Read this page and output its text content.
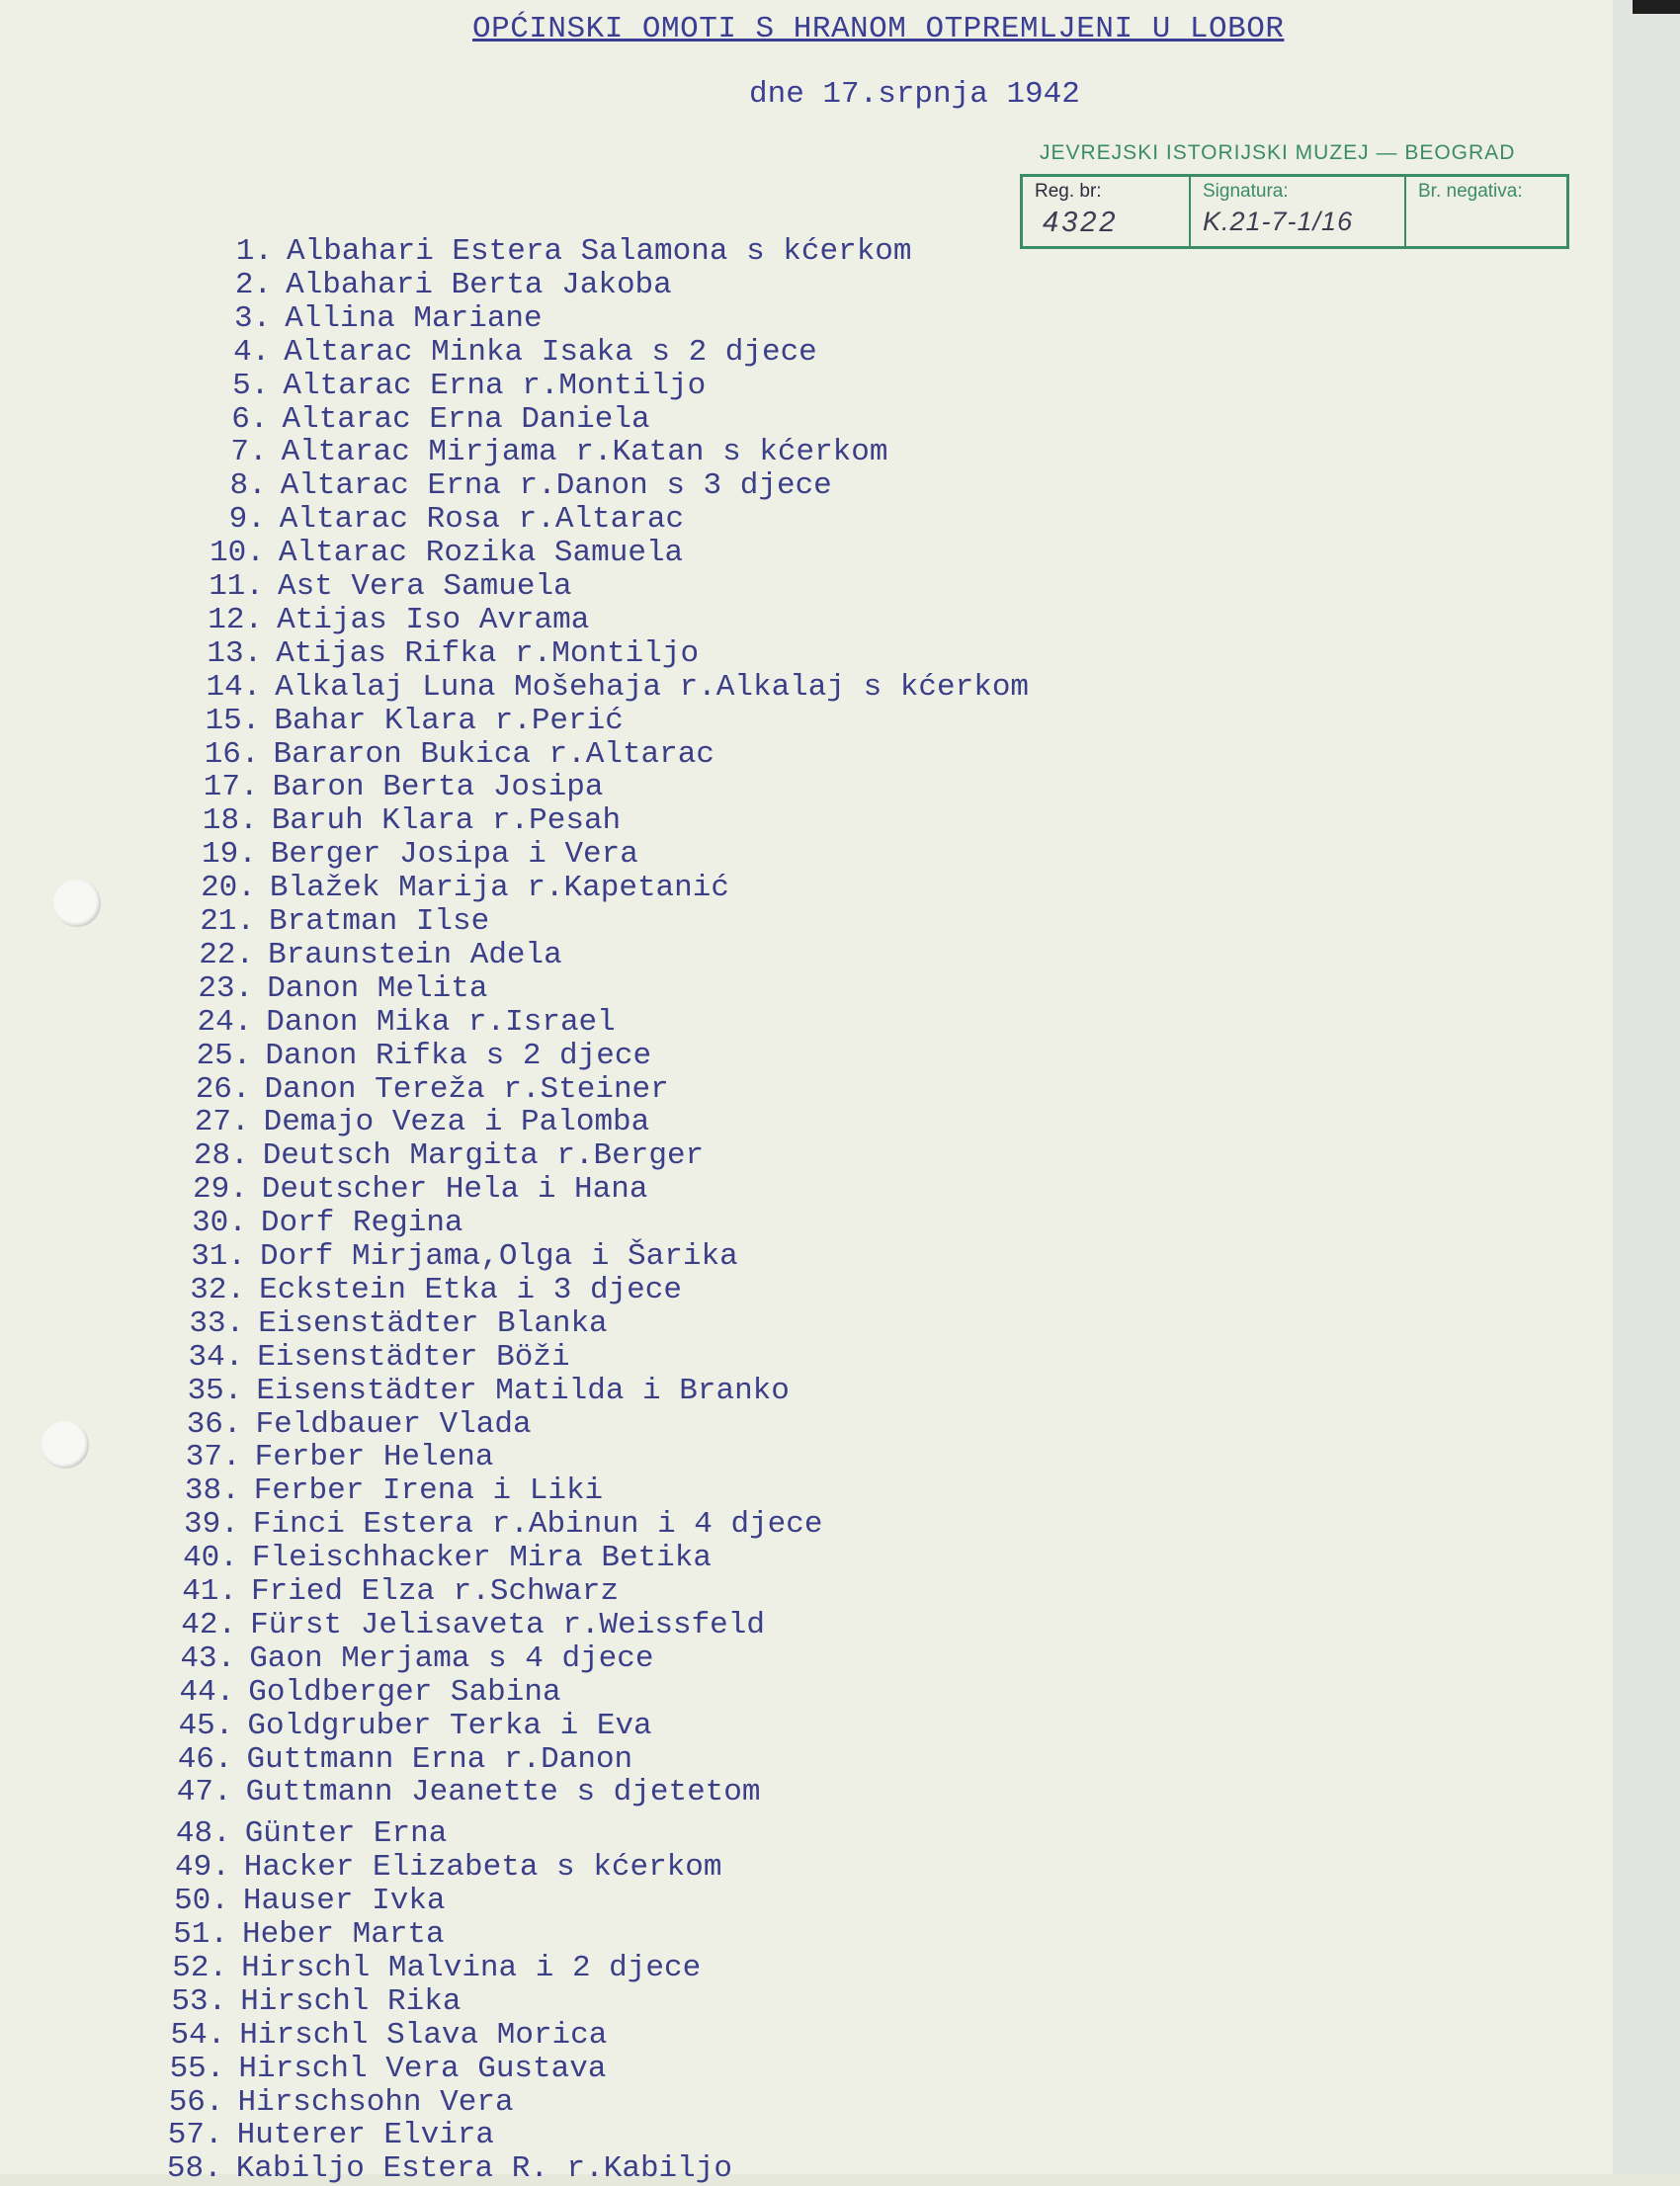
OPĆINSKI OMOTI S HRANOM OTPREMLJENI U LOBOR
dne 17.srpnja 1942
JEVREJSKI ISTORIJSKI MUZEJ — BEOGRAD
Reg. br:
4322
Signatura:
K.21-7-1/16
Br. negativa:
1. Albahari Estera Salamona s kćerkom
2. Albahari Berta Jakoba
3. Allina Mariane
4. Altarac Minka Isaka s 2 djece
5. Altarac Erna r.Montiljo
6. Altarac Erna Daniela
7. Altarac Mirjama r.Katan s kćerkom
8. Altarac Erna r.Danon s 3 djece
9. Altarac Rosa r.Altarac
10. Altarac Rozika Samuela
11. Ast Vera Samuela
12. Atijas Iso Avrama
13. Atijas Rifka r.Montiljo
14. Alkalaj Luna Mošehaja r.Alkalaj s kćerkom
15. Bahar Klara r.Perić
16. Bararon Bukica r.Altarac
17. Baron Berta Josipa
18. Baruh Klara r.Pesah
19. Berger Josipa i Vera
20. Blažek Marija r.Kapetanić
21. Bratman Ilse
22. Braunstein Adela
23. Danon Melita
24. Danon Mika r.Israel
25. Danon Rifka s 2 djece
26. Danon Tereža r.Steiner
27. Demajo Veza i Palomba
28. Deutsch Margita r.Berger
29. Deutscher Hela i Hana
30. Dorf Regina
31. Dorf Mirjama,Olga i Šarika
32. Eckstein Etka i 3 djece
33. Eisenstädter Blanka
34. Eisenstädter Böži
35. Eisenstädter Matilda i Branko
36. Feldbauer Vlada
37. Ferber Helena
38. Ferber Irena i Liki
39. Finci Estera r.Abinun i 4 djece
40. Fleischhacker Mira Betika
41. Fried Elza r.Schwarz
42. Fürst Jelisaveta r.Weissfeld
43. Gaon Merjama s 4 djece
44. Goldberger Sabina
45. Goldgruber Terka i Eva
46. Guttmann Erna r.Danon
47. Guttmann Jeanette s djetetom
48. Günter Erna
49. Hacker Elizabeta s kćerkom
50. Hauser Ivka
51. Heber Marta
52. Hirschl Malvina i 2 djece
53. Hirschl Rika
54. Hirschl Slava Morica
55. Hirschl Vera Gustava
56. Hirschsohn Vera
57. Huterer Elvira
58. Kabiljo Estera R. r.Kabiljo
